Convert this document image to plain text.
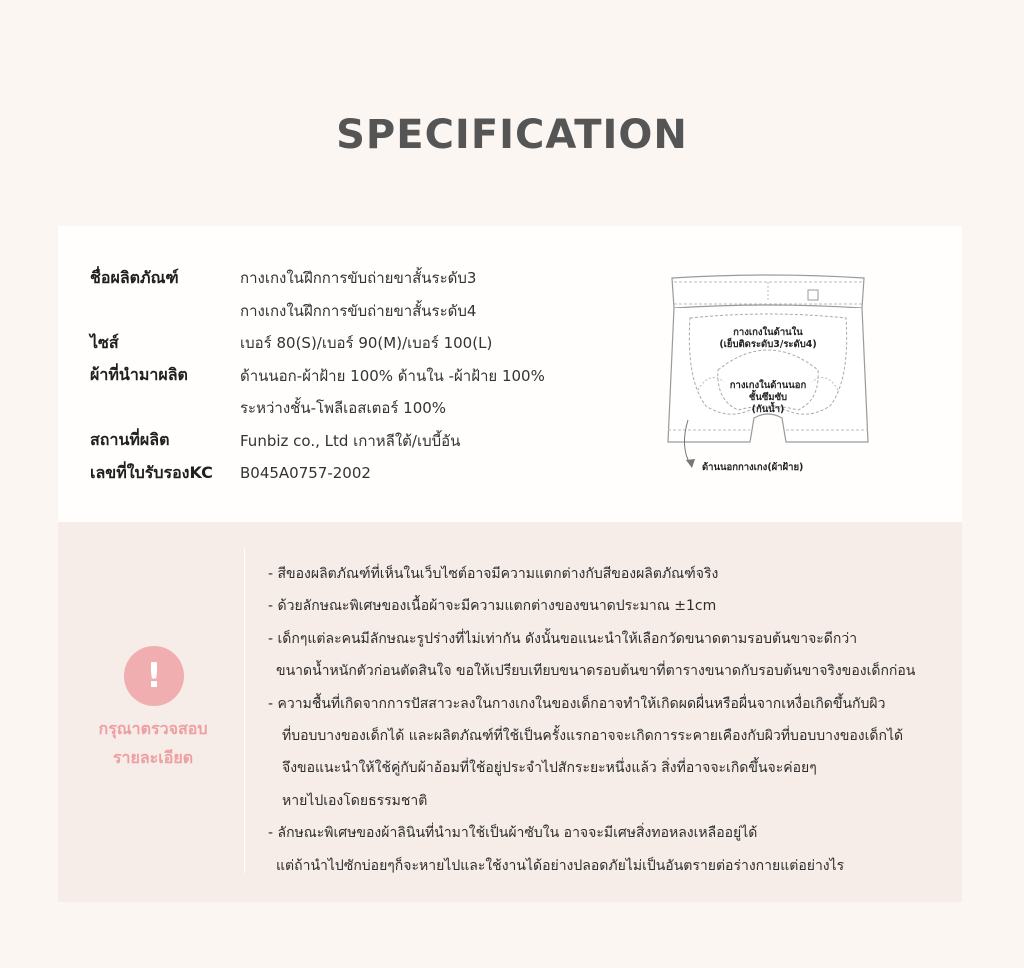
SPECIFICATION
ชื่อผลิตภัณฑ์	กางเกงในฝึกการขับถ่ายขาสั้นระดับ3
กางเกงในฝึกการขับถ่ายขาสั้นระดับ4
ไซส์	เบอร์ 80(S)/เบอร์ 90(M)/เบอร์ 100(L)
ผ้าที่นำมาผลิต	ด้านนอก-ผ้าฝ้าย 100% ด้านใน -ผ้าฝ้าย 100%
ระหว่างชั้น-โพลีเอสเตอร์ 100%
สถานที่ผลิต	Funbiz co., Ltd เกาหลีใต้/เบบี้อัน
เลขที่ใบรับรองKC	B045A0757-2002
กางเกงในด้านใน
(เย็บติดระดับ3/ระดับ4)
กางเกงในด้านนอก
ชั้นซึมซับ
(กันน้ำ)
ด้านนอกกางเกง(ผ้าฝ้าย)
!
กรุณาตรวจสอบ
รายละเอียด
- สีของผลิตภัณฑ์ที่เห็นในเว็บไซต์อาจมีความแตกต่างกับสีของผลิตภัณฑ์จริง
- ด้วยลักษณะพิเศษของเนื้อผ้าจะมีความแตกต่างของขนาดประมาณ ±1cm
- เด็กๆแต่ละคนมีลักษณะรูปร่างที่ไม่เท่ากัน ดังนั้นขอแนะนำให้เลือกวัดขนาดตามรอบต้นขาจะดีกว่า
ขนาดน้ำหนักตัวก่อนตัดสินใจ ขอให้เปรียบเทียบขนาดรอบต้นขาที่ตารางขนาดกับรอบต้นขาจริงของเด็กก่อน
- ความชื้นที่เกิดจากการปัสสาวะลงในกางเกงในของเด็กอาจทำให้เกิดผดผื่นหรือผื่นจากเหงื่อเกิดขึ้นกับผิว
ที่บอบบางของเด็กได้ และผลิตภัณฑ์ที่ใช้เป็นครั้งแรกอาจจะเกิดการระคายเคืองกับผิวที่บอบบางของเด็กได้
จึงขอแนะนำให้ใช้คู่กับผ้าอ้อมที่ใช้อยู่ประจำไปสักระยะหนึ่งแล้ว สิ่งที่อาจจะเกิดขึ้นจะค่อยๆ
หายไปเองโดยธรรมชาติ
- ลักษณะพิเศษของผ้าลินินที่นำมาใช้เป็นผ้าซับใน อาจจะมีเศษสิ่งทอหลงเหลืออยู่ได้
แต่ถ้านำไปซักบ่อยๆก็จะหายไปและใช้งานได้อย่างปลอดภัยไม่เป็นอันตรายต่อร่างกายแต่อย่างไร
